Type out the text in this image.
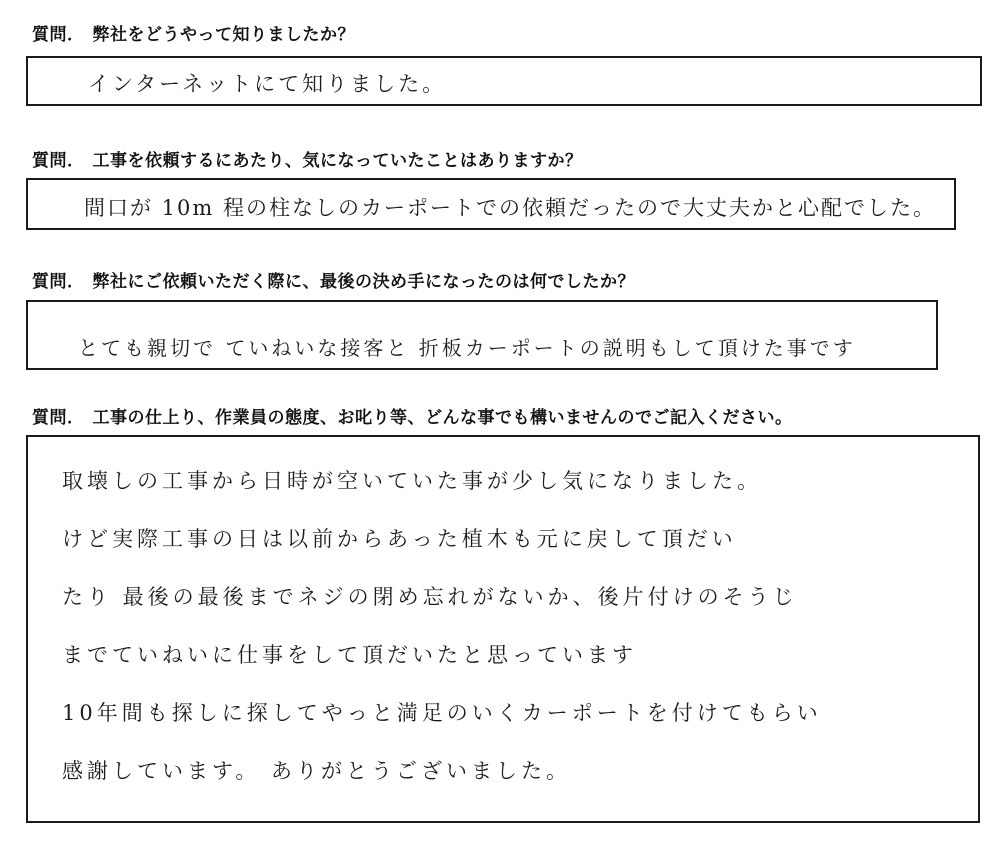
質問． 弊社をどうやって知りましたか？
インターネットにて知りました。
質問． 工事を依頼するにあたり、気になっていたことはありますか？
間口が 10m 程の柱なしのカーポートでの依頼だったので大丈夫かと心配でした。
質問． 弊社にご依頼いただく際に、最後の決め手になったのは何でしたか？
とても親切で ていねいな接客と 折板カーポートの説明もして頂けた事です
質問． 工事の仕上り、作業員の態度、お叱り等、どんな事でも構いませんのでご記入ください。
取壊しの工事から日時が空いていた事が少し気になりました。
けど実際工事の日は以前からあった植木も元に戻して頂だい
たり 最後の最後までネジの閉め忘れがないか、後片付けのそうじ
までていねいに仕事をして頂だいたと思っています
10年間も探しに探してやっと満足のいくカーポートを付けてもらい
感謝しています。 ありがとうございました。
